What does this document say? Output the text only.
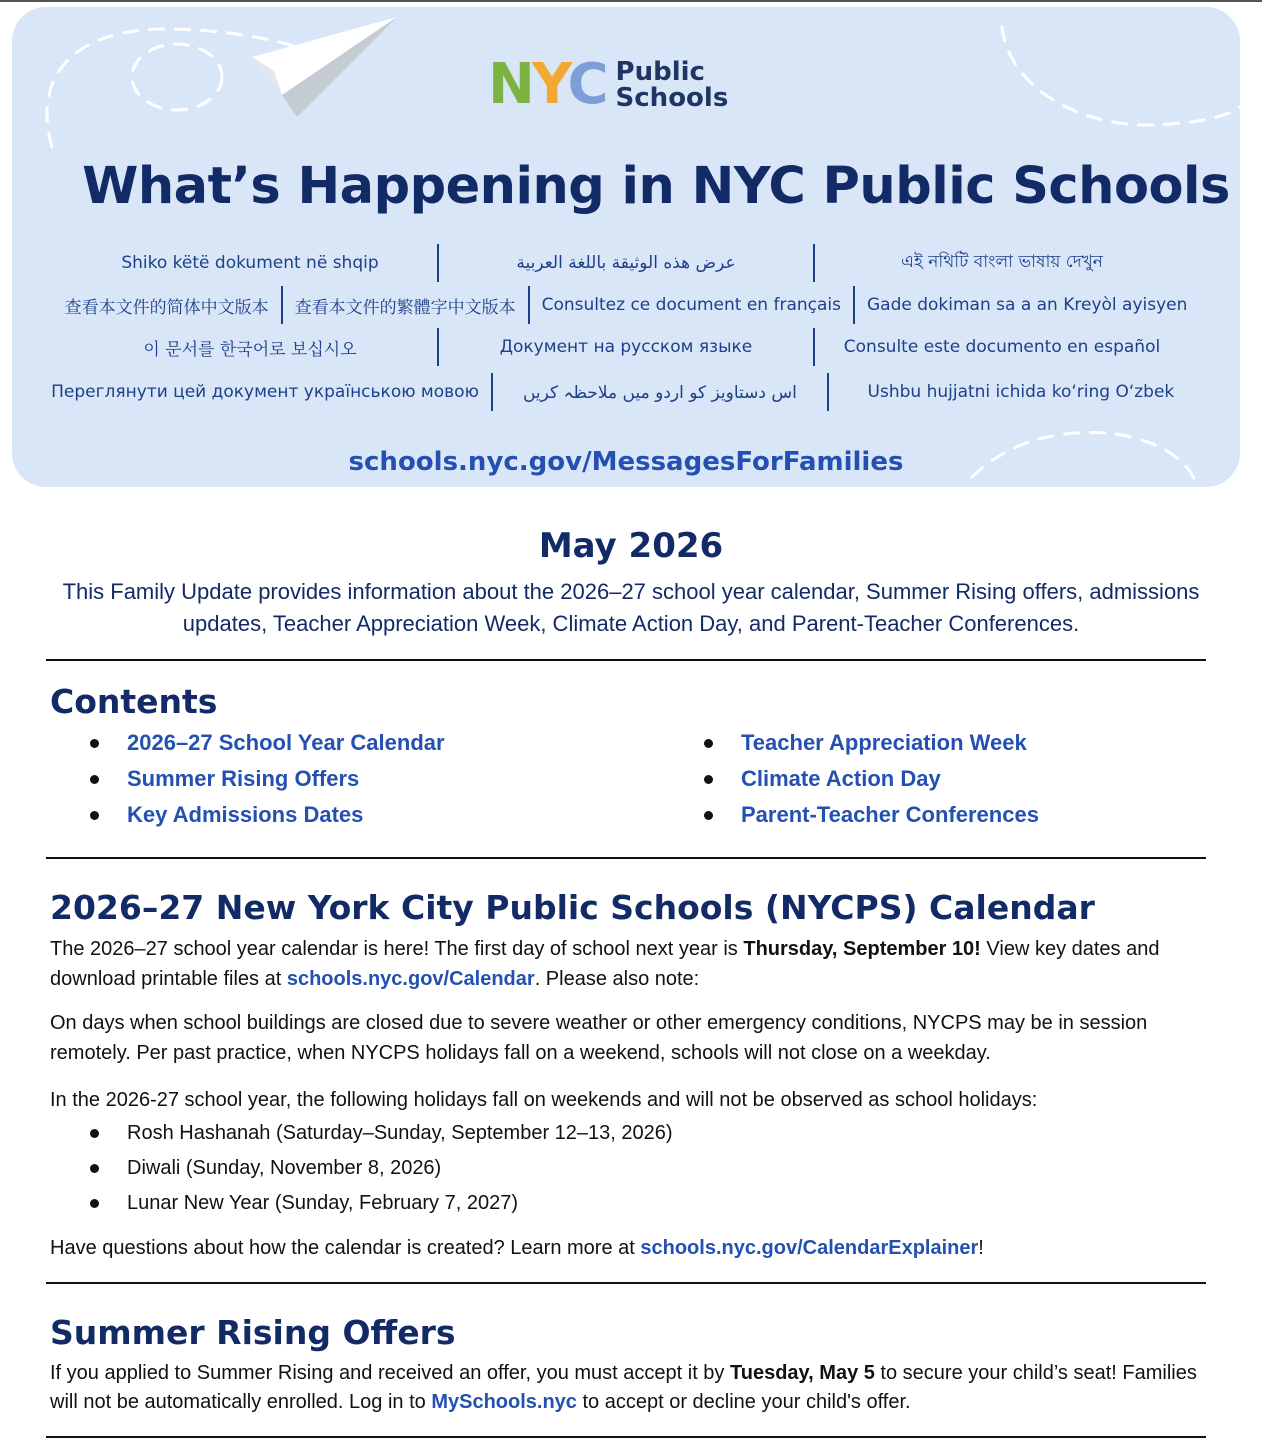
NYC Public
Schools
What’s Happening in NYC Public Schools
Shiko këtë dokument në shqip	عرض هذه الوثيقة باللغة العربية	এই নথিটি বাংলা ভাষায় দেখুন
查看本文件的简体中文版本	查看本文件的繁體字中文版本	Consultez ce document en français	Gade dokiman sa a an Kreyòl ayisyen
이 문서를 한국어로 보십시오	Документ на русском языке	Consulte este documento en español
Переглянути цей документ українською мовою	اس دستاویز کو اردو میں ملاحظہ کریں	Ushbu hujjatni ichida ko‘ring O‘zbek
schools.nyc.gov/MessagesForFamilies
May 2026
This Family Update provides information about the 2026–27 school year calendar, Summer Rising offers, admissions updates, Teacher Appreciation Week, Climate Action Day, and Parent-Teacher Conferences.
Contents
2026–27 School Year Calendar	Teacher Appreciation Week
Summer Rising Offers	Climate Action Day
Key Admissions Dates	Parent-Teacher Conferences
2026–27 New York City Public Schools (NYCPS) Calendar
The 2026–27 school year calendar is here! The first day of school next year is Thursday, September 10! View key dates and download printable files at schools.nyc.gov/Calendar. Please also note:
On days when school buildings are closed due to severe weather or other emergency conditions, NYCPS may be in session remotely. Per past practice, when NYCPS holidays fall on a weekend, schools will not close on a weekday.
In the 2026-27 school year, the following holidays fall on weekends and will not be observed as school holidays:
Rosh Hashanah (Saturday–Sunday, September 12–13, 2026)
Diwali (Sunday, November 8, 2026)
Lunar New Year (Sunday, February 7, 2027)
Have questions about how the calendar is created? Learn more at schools.nyc.gov/CalendarExplainer!
Summer Rising Offers
If you applied to Summer Rising and received an offer, you must accept it by Tuesday, May 5 to secure your child’s seat! Families will not be automatically enrolled. Log in to MySchools.nyc to accept or decline your child's offer.
